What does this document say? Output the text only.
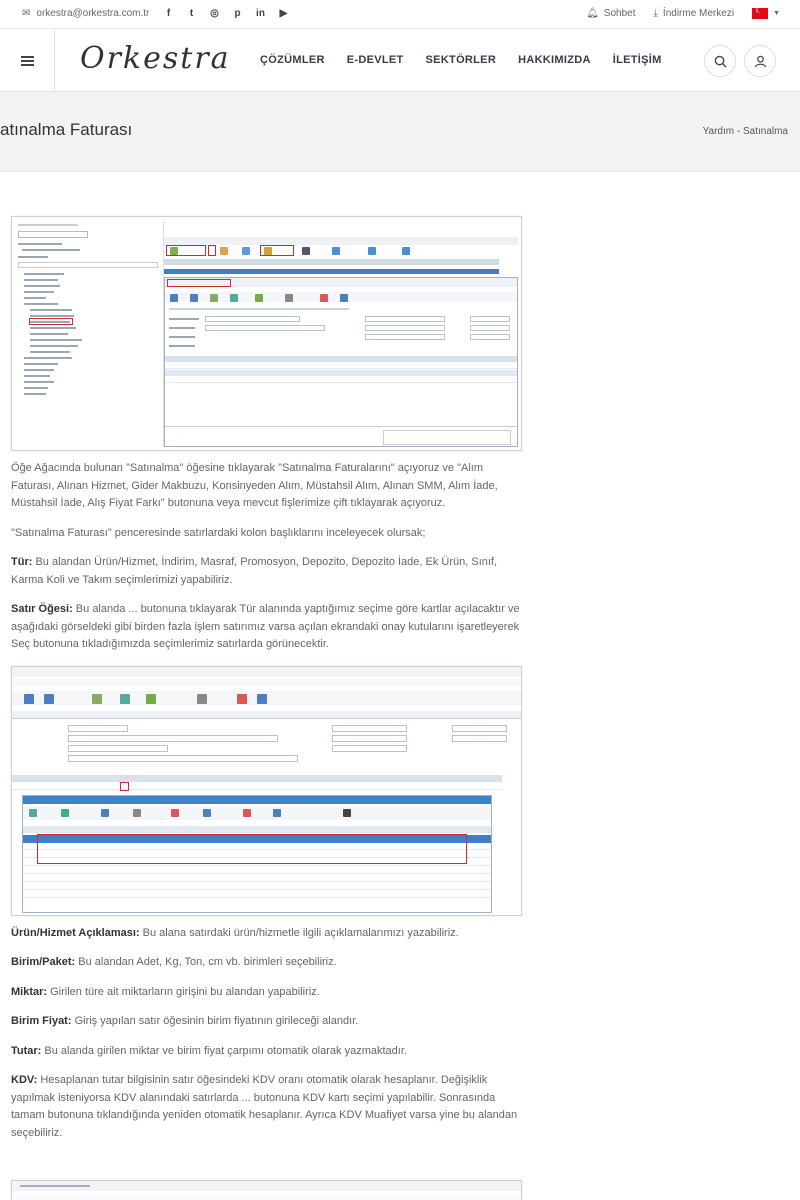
✉ orkestra@orkestra.com.tr	f	t	◎	p	in ▶	🔔︎ Sohbet ⤓ İndirme Merkezi
☾	▼
Orkestra	ÇÖZÜMLER E-DEVLET SEKTÖRLER HAKKIMIZDA İLETİŞİM
atınalma Faturası	Yardım - Satınalma

Öğe Ağacında bulunan "Satınalma" öğesine tıklayarak "Satınalma Faturalarını" açıyoruz ve "Alım Faturası, Alınan Hizmet, Gider Makbuzu, Konsinyeden Alım, Müstahsil Alım, Alınan SMM, Alım İade, Müstahsil İade, Alış Fiyat Farkı" butonuna veya mevcut fişlerimize çift tıklayarak açıyoruz.

"Satınalma Faturası" penceresinde satırlardaki kolon başlıklarını inceleyecek olursak;

Tür: Bu alandan Ürün/Hizmet, İndirim, Masraf, Promosyon, Depozito, Depozito İade, Ek Ürün, Sınıf, Karma Koli ve Takım seçimlerimizi yapabiliriz.

Satır Öğesi: Bu alanda ... butonuna tıklayarak Tür alanında yaptığımız seçime göre kartlar açılacaktır ve aşağıdaki görseldeki gibi birden fazla işlem satırımız varsa açılan ekrandaki onay kutularını işaretleyerek Seç butonuna tıkladığımızda seçimlerimiz satırlarda görünecektir.

Ürün/Hizmet Açıklaması: Bu alana satırdaki ürün/hizmetle ilgili açıklamalarımızı yazabiliriz.

Birim/Paket: Bu alandan Adet, Kg, Ton, cm vb. birimleri seçebiliriz.

Miktar: Girilen türe ait miktarların girişini bu alandan yapabiliriz.

Birim Fiyat: Giriş yapılan satır öğesinin birim fiyatının girileceği alandır.

Tutar: Bu alanda girilen miktar ve birim fiyat çarpımı otomatik olarak yazmaktadır.

KDV: Hesaplanan tutar bilgisinin satır öğesindeki KDV oranı otomatik olarak hesaplanır. Değişiklik yapılmak isteniyorsa KDV alanındaki satırlarda ... butonuna KDV kartı seçimi yapılabilir. Sonrasında tamam butonuna tıklandığında yeniden otomatik hesaplanır. Ayrıca KDV Muafiyet varsa yine bu alandan seçebiliriz.
